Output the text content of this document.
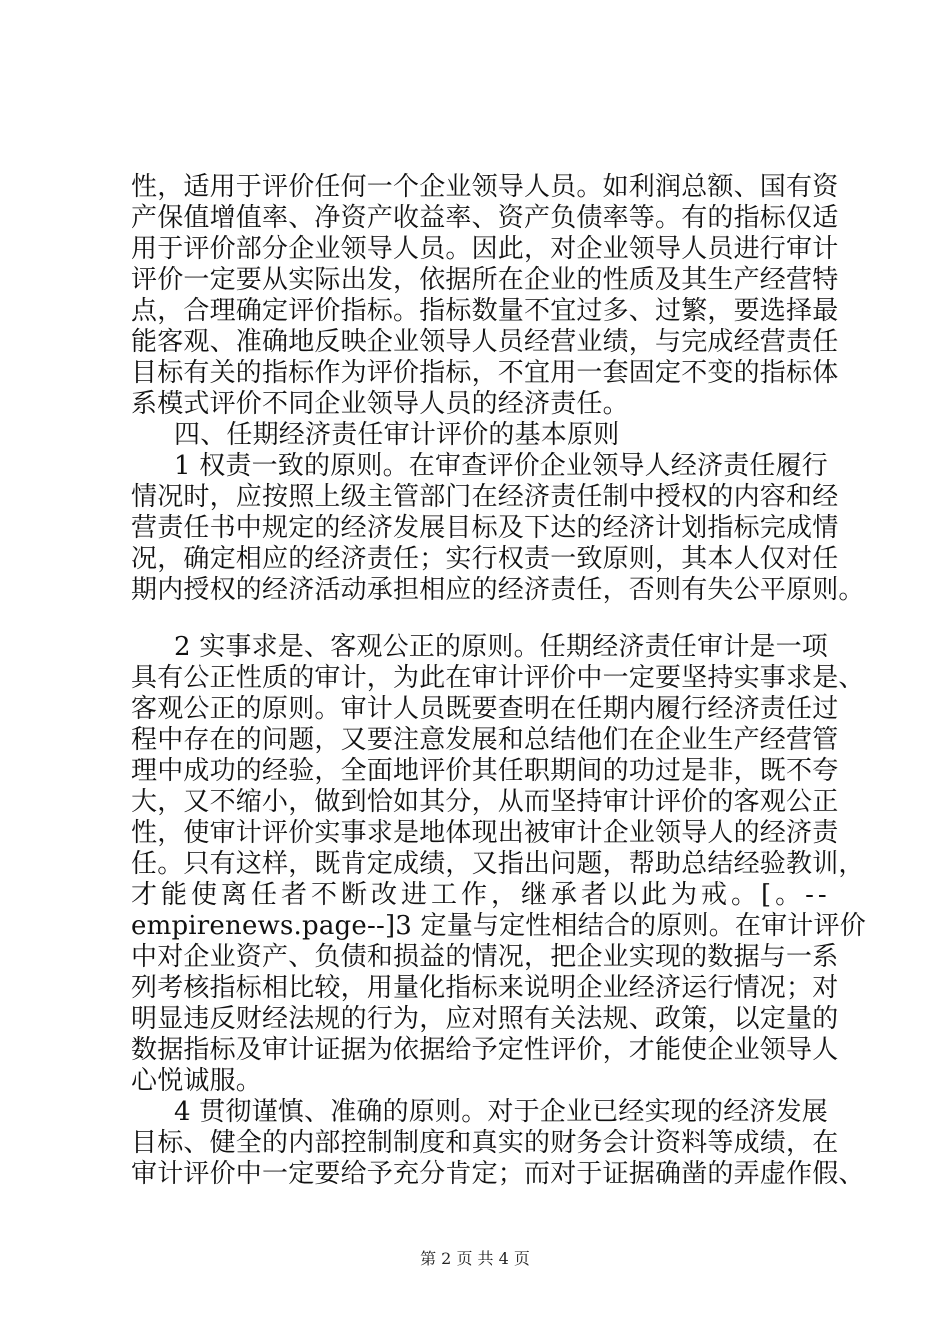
性，适用于评价任何一个企业领导人员。如利润总额、国有资
产保值增值率、净资产收益率、资产负债率等。有的指标仅适
用于评价部分企业领导人员。因此，对企业领导人员进行审计
评价一定要从实际出发，依据所在企业的性质及其生产经营特
点，合理确定评价指标。指标数量不宜过多、过繁，要选择最
能客观、准确地反映企业领导人员经营业绩，与完成经营责任
目标有关的指标作为评价指标，不宜用一套固定不变的指标体
系模式评价不同企业领导人员的经济责任。
四、任期经济责任审计评价的基本原则
1 权责一致的原则。在审查评价企业领导人经济责任履行
情况时，应按照上级主管部门在经济责任制中授权的内容和经
营责任书中规定的经济发展目标及下达的经济计划指标完成情
况，确定相应的经济责任；实行权责一致原则，其本人仅对任
期内授权的经济活动承担相应的经济责任，否则有失公平原则。
2 实事求是、客观公正的原则。任期经济责任审计是一项
具有公正性质的审计，为此在审计评价中一定要坚持实事求是、
客观公正的原则。审计人员既要查明在任期内履行经济责任过
程中存在的问题，又要注意发展和总结他们在企业生产经营管
理中成功的经验，全面地评价其任职期间的功过是非，既不夸
大，又不缩小，做到恰如其分，从而坚持审计评价的客观公正
性，使审计评价实事求是地体现出被审计企业领导人的经济责
任。只有这样，既肯定成绩，又指出问题，帮助总结经验教训，
才能使离任者不断改进工作，继承者以此为戒。[。--
empirenews.page--]3 定量与定性相结合的原则。在审计评价
中对企业资产、负债和损益的情况，把企业实现的数据与一系
列考核指标相比较，用量化指标来说明企业经济运行情况；对
明显违反财经法规的行为，应对照有关法规、政策，以定量的
数据指标及审计证据为依据给予定性评价，才能使企业领导人
心悦诚服。
4 贯彻谨慎、准确的原则。对于企业已经实现的经济发展
目标、健全的内部控制制度和真实的财务会计资料等成绩，在
审计评价中一定要给予充分肯定；而对于证据确凿的弄虚作假、
第 2 页 共 4 页
